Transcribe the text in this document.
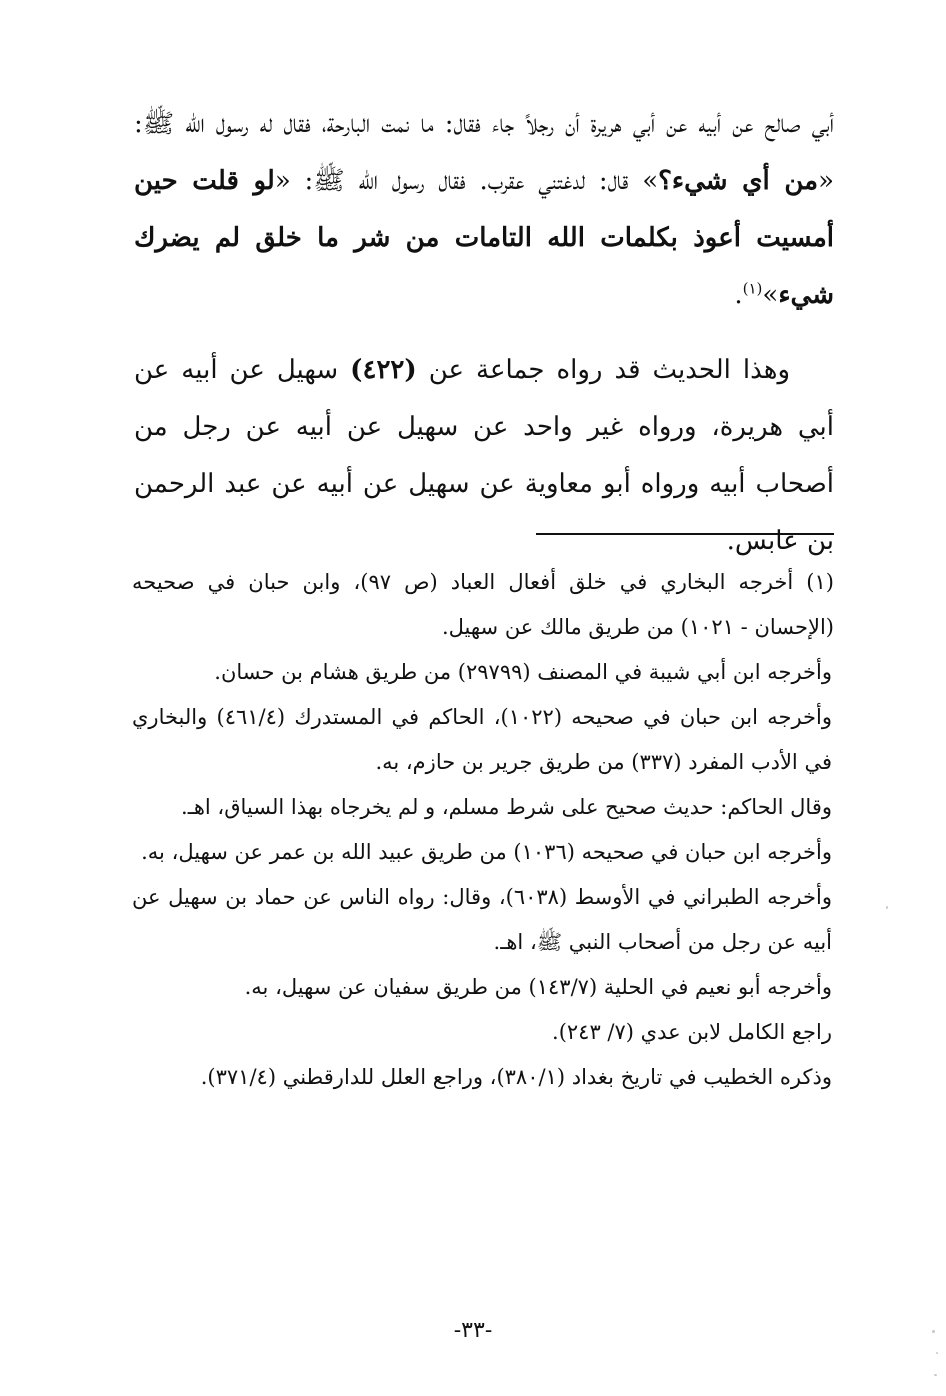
أبي صالح عن أبيه عن أبي هريرة أن رجلاً جاء فقال: ما نمت البارحة، فقال له رسول الله ﷺ: «من أي شيء؟» قال: لدغتني عقرب. فقال رسول الله ﷺ: «لو قلت حين أمسيت أعوذ بكلمات الله التامات من شر ما خلق لم يضرك شيء»$^{(١)}$.

وهذا الحديث قد رواه جماعة عن (٤٢٢) سهيل عن أبيه عن أبي هريرة، ورواه غير واحد عن سهيل عن أبيه عن رجل من أصحاب أبيه ورواه أبو معاوية عن سهيل عن أبيه عن عبد الرحمن بن عابس.

(١) أخرجه البخاري في خلق أفعال العباد (ص ٩٧)، وابن حبان في صحيحه (الإحسان - ١٠٢١) من طريق مالك عن سهيل.

وأخرجه ابن أبي شيبة في المصنف (٢٩٧٩٩) من طريق هشام بن حسان.

وأخرجه ابن حبان في صحيحه (١٠٢٢)، الحاكم في المستدرك (٤٦١/٤) والبخاري في الأدب المفرد (٣٣٧) من طريق جرير بن حازم، به.

وقال الحاكم: حديث صحيح على شرط مسلم، و لم يخرجاه بهذا السياق، اهـ.

وأخرجه ابن حبان في صحيحه (١٠٣٦) من طريق عبيد الله بن عمر عن سهيل، به.

وأخرجه الطبراني في الأوسط (٦٠٣٨)، وقال: رواه الناس عن حماد بن سهيل عن أبيه عن رجل من أصحاب النبي ﷺ، اهـ.

وأخرجه أبو نعيم في الحلية (١٤٣/٧) من طريق سفيان عن سهيل، به.

راجع الكامل لابن عدي (٧/ ٢٤٣).

وذكره الخطيب في تاريخ بغداد (٣٨٠/١)، وراجع العلل للدارقطني (٣٧١/٤).

-٣٣-
